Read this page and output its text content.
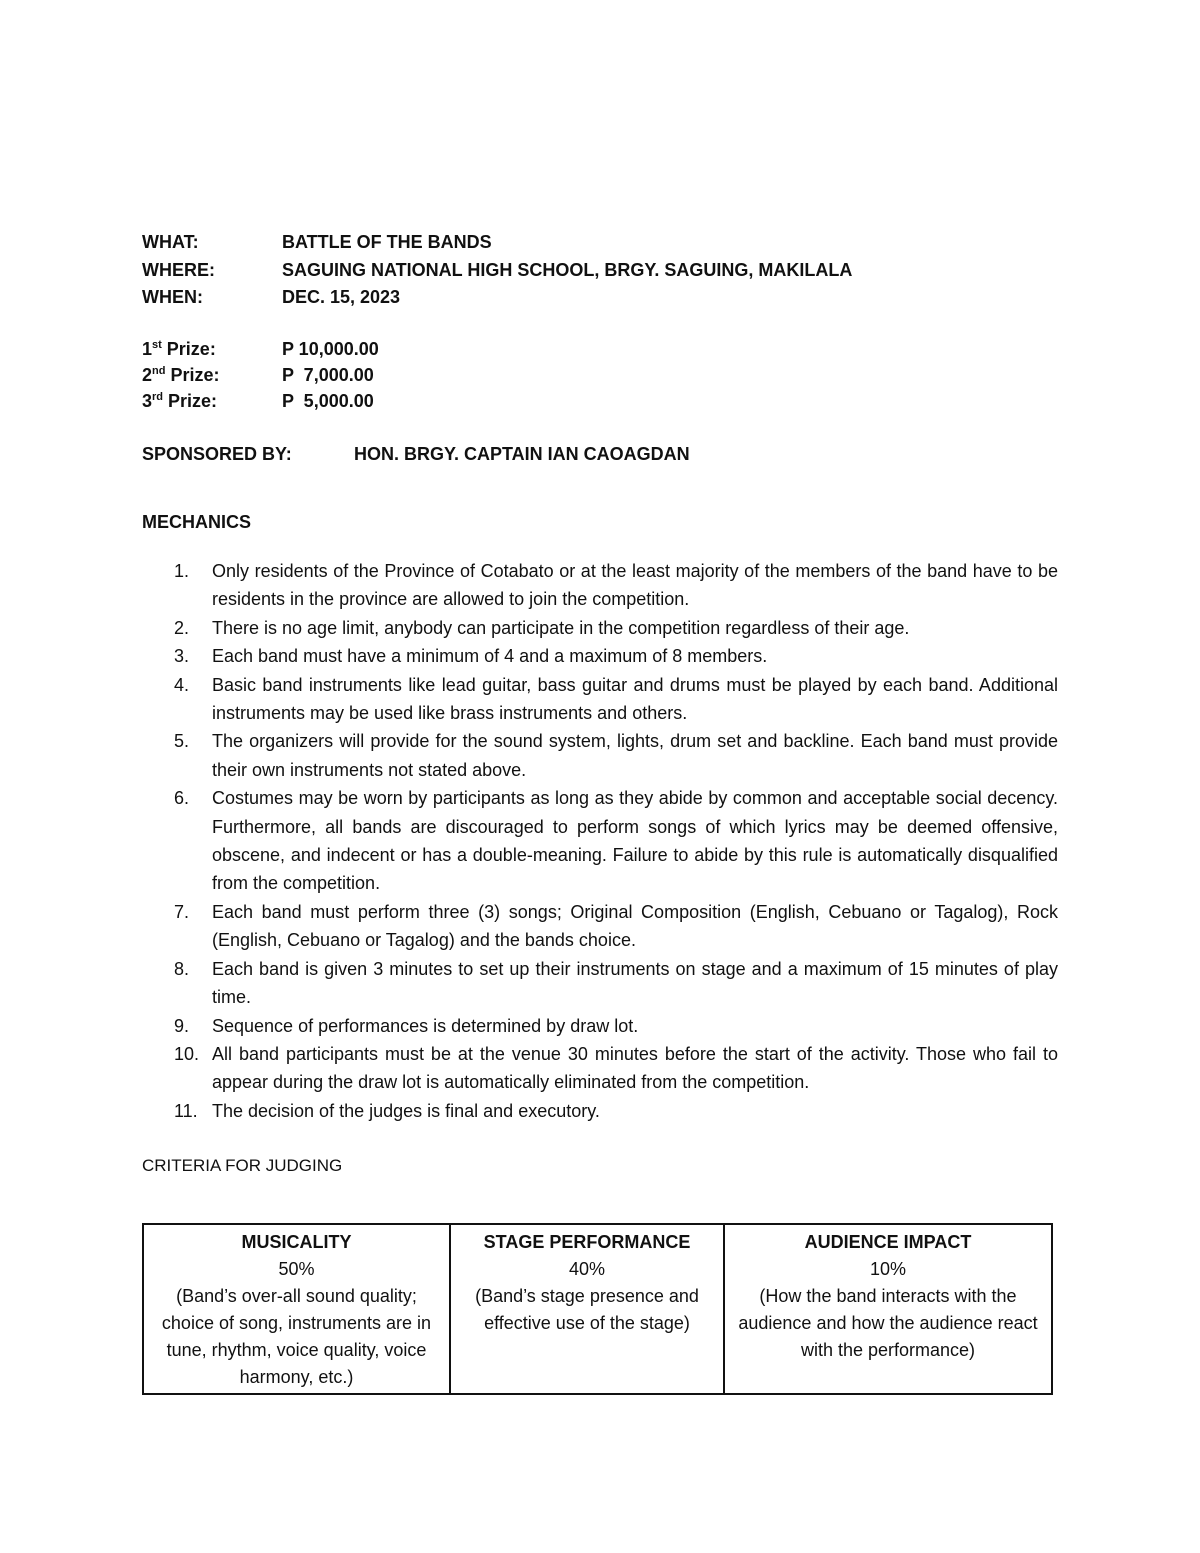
WHAT:	BATTLE OF THE BANDS
WHERE:	SAGUING NATIONAL HIGH SCHOOL, BRGY. SAGUING, MAKILALA
WHEN:	DEC. 15, 2023
1st Prize:	P 10,000.00
2nd Prize:	P  7,000.00
3rd Prize:	P  5,000.00
SPONSORED BY:	HON. BRGY. CAPTAIN IAN CAOAGDAN
MECHANICS
1.	Only residents of the Province of Cotabato or at the least majority of the members of the band have to be residents in the province are allowed to join the competition.
2.	There is no age limit, anybody can participate in the competition regardless of their age.
3.	Each band must have a minimum of 4 and a maximum of 8 members.
4.	Basic band instruments like lead guitar, bass guitar and drums must be played by each band. Additional instruments may be used like brass instruments and others.
5.	The organizers will provide for the sound system, lights, drum set and backline. Each band must provide their own instruments not stated above.
6.	Costumes may be worn by participants as long as they abide by common and acceptable social decency. Furthermore, all bands are discouraged to perform songs of which lyrics may be deemed offensive, obscene, and indecent or has a double-meaning. Failure to abide by this rule is automatically disqualified from the competition.
7.	Each band must perform three (3) songs; Original Composition (English, Cebuano or Tagalog), Rock (English, Cebuano or Tagalog) and the bands choice.
8.	Each band is given 3 minutes to set up their instruments on stage and a maximum of 15 minutes of play time.
9.	Sequence of performances is determined by draw lot.
10. All band participants must be at the venue 30 minutes before the start of the activity. Those who fail to appear during the draw lot is automatically eliminated from the competition.
11. The decision of the judges is final and executory.
CRITERIA FOR JUDGING
MUSICALITY
50%
(Band’s over-all sound quality; choice of song, instruments are in tune, rhythm, voice quality, voice harmony, etc.)

STAGE PERFORMANCE
40%
(Band’s stage presence and effective use of the stage)

AUDIENCE IMPACT
10%
(How the band interacts with the audience and how the audience react with the performance)
